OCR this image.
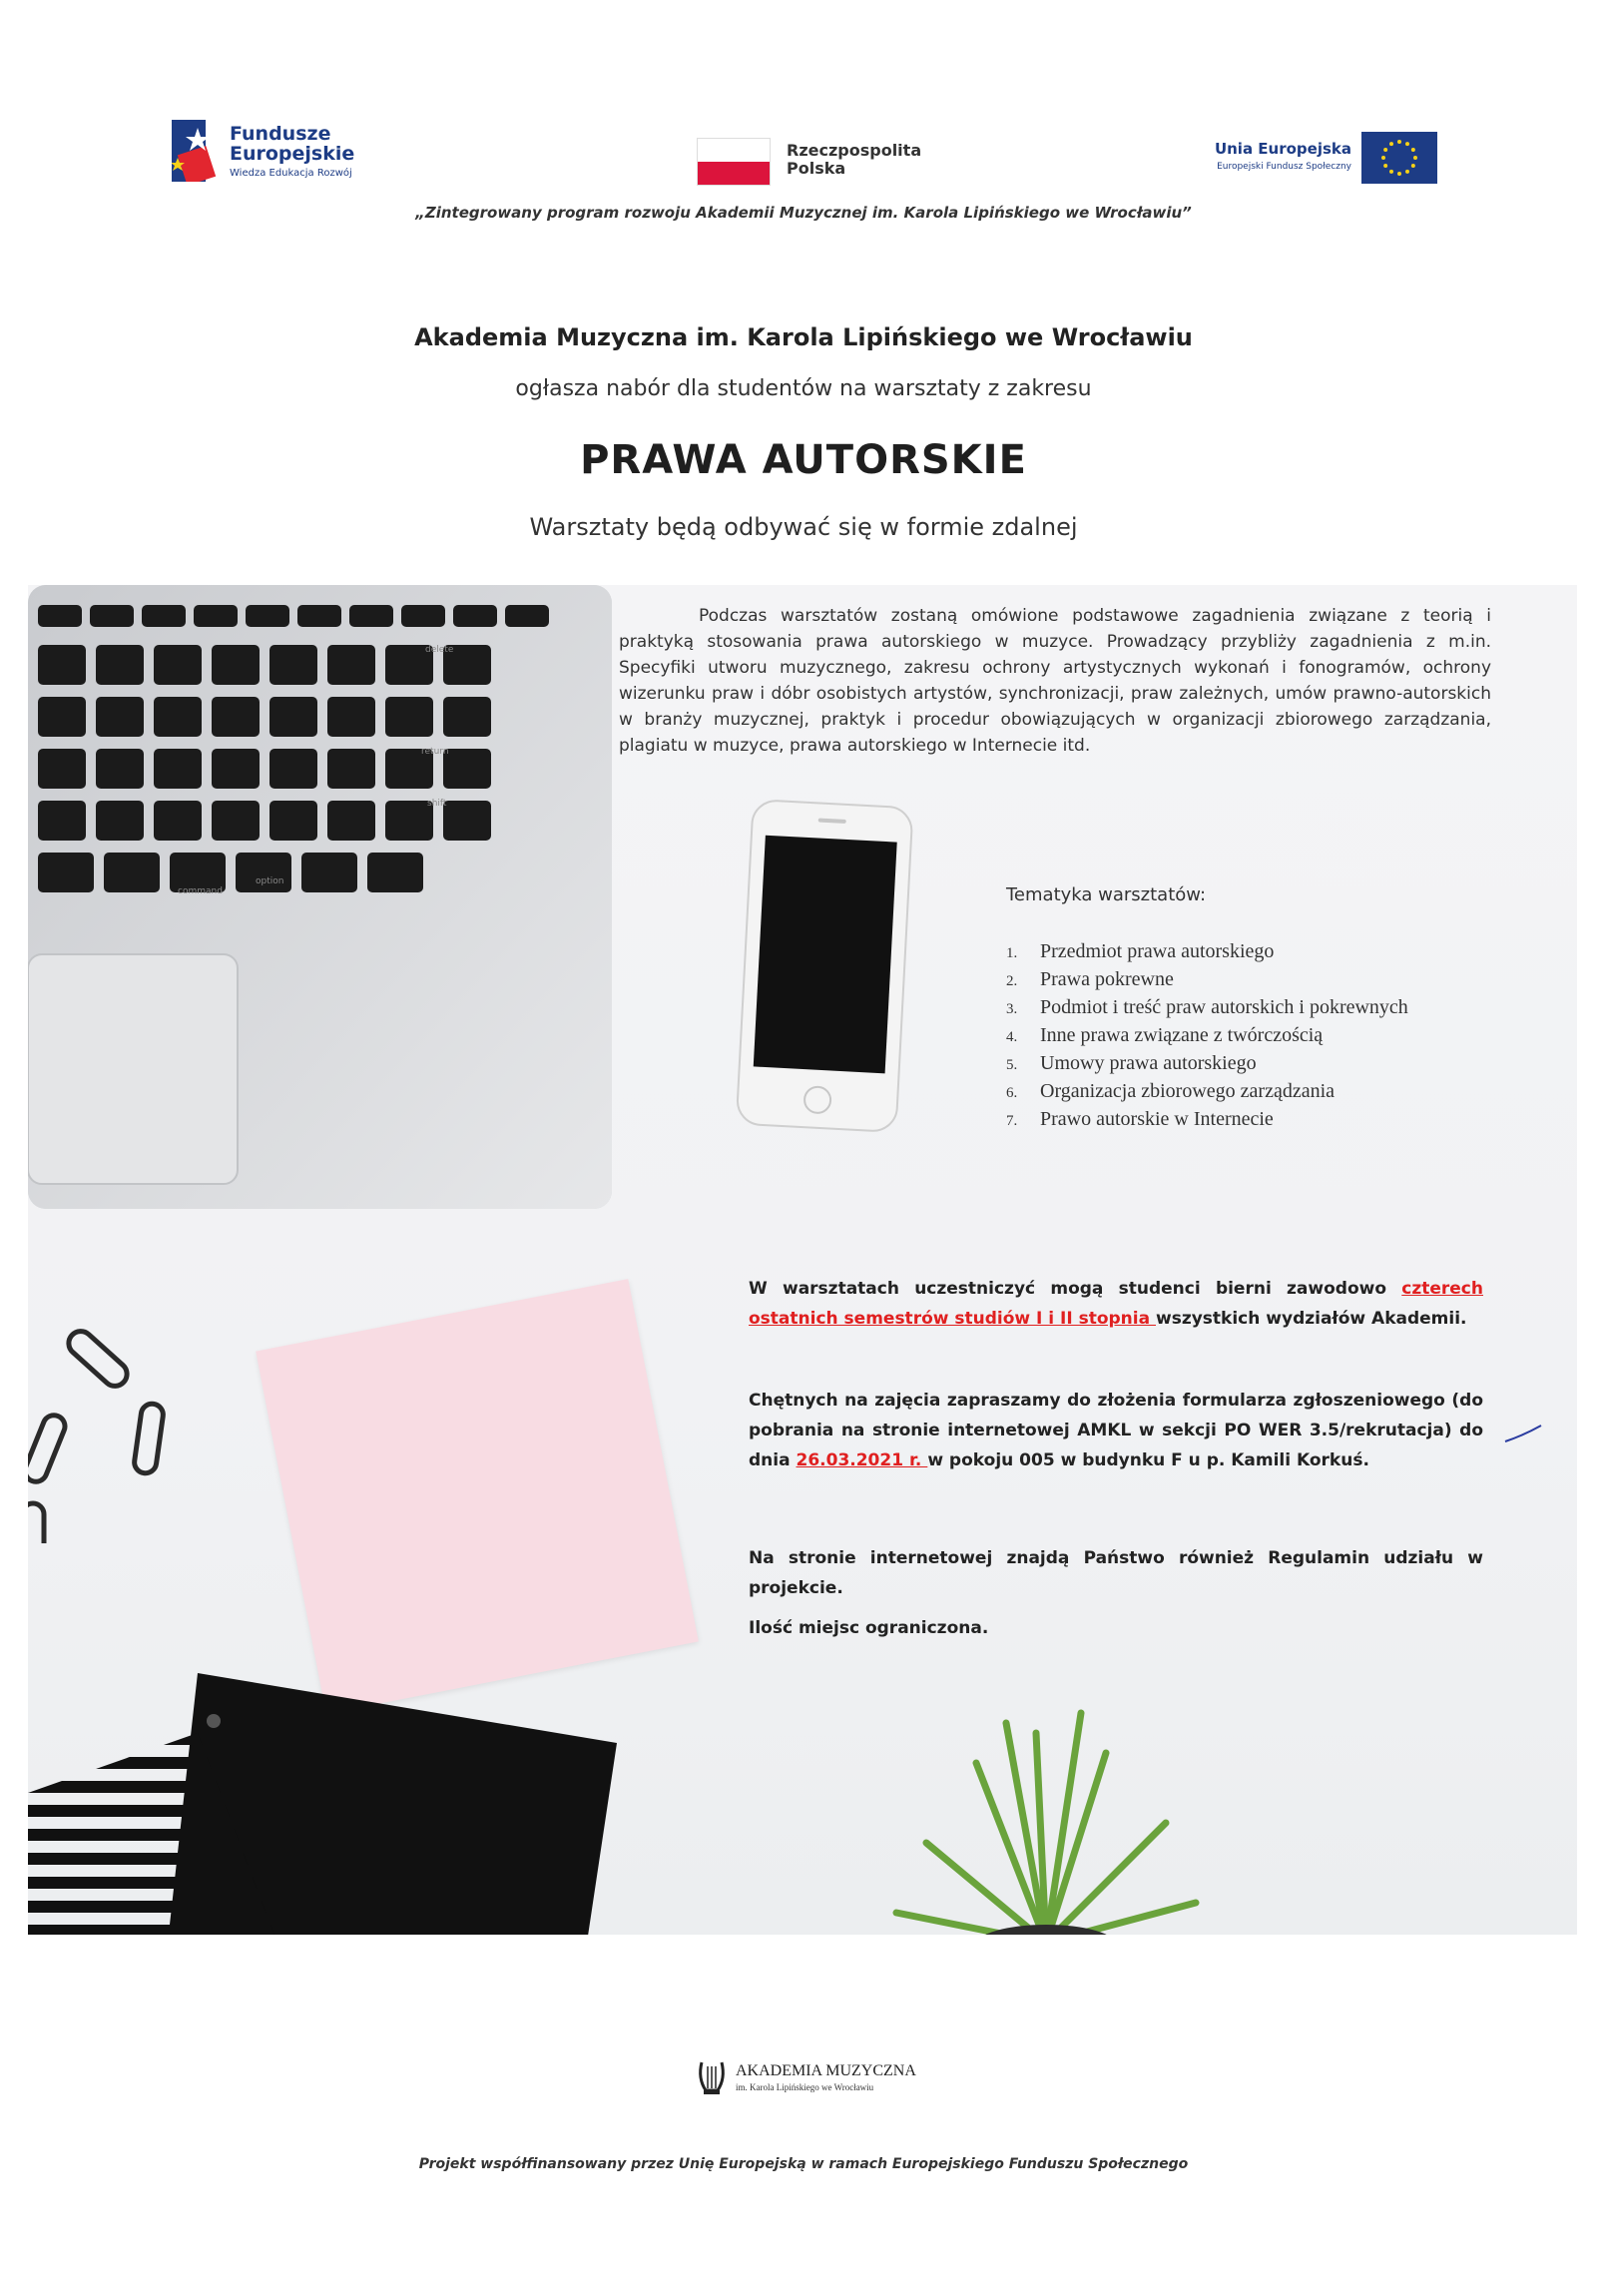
Fundusze
Europejskie
Wiedza Edukacja Rozwój
Rzeczpospolita
Polska
Unia Europejska
Europejski Fundusz Społeczny
„Zintegrowany program rozwoju Akademii Muzycznej im. Karola Lipińskiego we Wrocławiu”
Akademia Muzyczna im. Karola Lipińskiego we Wrocławiu
ogłasza nabór dla studentów na warsztaty z zakresu
PRAWA AUTORSKIE
Warsztaty będą odbywać się w formie zdalnej
delete
return
shift
command
option
Podczas warsztatów zostaną omówione podstawowe zagadnienia związane z teorią i praktyką stosowania prawa autorskiego w muzyce. Prowadzący przybliży zagadnienia z m.in. Specyfiki utworu muzycznego, zakresu ochrony artystycznych wykonań i fonogramów, ochrony wizerunku praw i dóbr osobistych artystów, synchronizacji, praw zależnych, umów prawno-autorskich w branży muzycznej, praktyk i procedur obowiązujących w organizacji zbiorowego zarządzania, plagiatu w muzyce, prawa autorskiego w Internecie itd.
Tematyka warsztatów:
1.	Przedmiot prawa autorskiego
2.	Prawa pokrewne
3.	Podmiot i treść praw autorskich i pokrewnych
4.	Inne prawa związane z twórczością
5.	Umowy prawa autorskiego
6.	Organizacja zbiorowego zarządzania
7.	Prawo autorskie w Internecie
W warsztatach uczestniczyć mogą studenci bierni zawodowo czterech ostatnich semestrów studiów I i II stopnia wszystkich wydziałów Akademii.
Chętnych na zajęcia zapraszamy do złożenia formularza zgłoszeniowego (do pobrania na stronie internetowej AMKL w sekcji PO WER 3.5/rekrutacja) do dnia 26.03.2021 r. w pokoju 005 w budynku F u p. Kamili Korkuś.
Na stronie internetowej znajdą Państwo również Regulamin udziału w projekcie.
Ilość miejsc ograniczona.
AKADEMIA MUZYCZNA
im. Karola Lipińskiego we Wrocławiu
Projekt współfinansowany przez Unię Europejską w ramach Europejskiego Funduszu Społecznego
